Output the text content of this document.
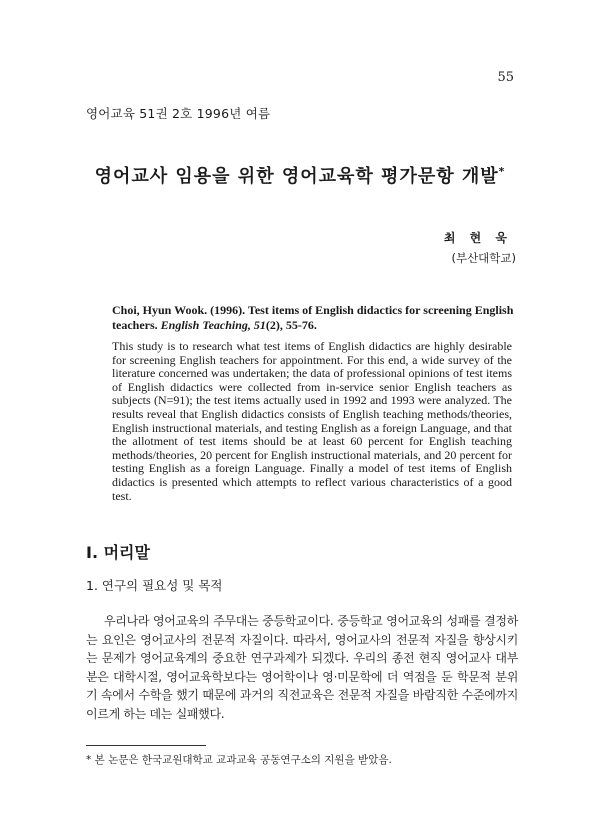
55
영어교육 51권 2호 1996년 여름
영어교사 임용을 위한 영어교육학 평가문항 개발*
최 현 욱
(부산대학교)
Choi, Hyun Wook. (1996). Test items of English didactics for screening English teachers. English Teaching, 51(2), 55-76.
This study is to research what test items of English didactics are highly desirable for screening English teachers for appointment. For this end, a wide survey of the literature concerned was undertaken; the data of professional opinions of test items of English didactics were collected from in-service senior English teachers as subjects (N=91); the test items actually used in 1992 and 1993 were analyzed. The results reveal that English didactics consists of English teaching methods/theories, English instructional materials, and testing English as a foreign Language, and that the allotment of test items should be at least 60 percent for English teaching methods/theories, 20 percent for English instructional materials, and 20 percent for testing English as a foreign Language. Finally a model of test items of English didactics is presented which attempts to reflect various characteristics of a good test.
I. 머리말
1. 연구의 필요성 및 목적
우리나라 영어교육의 주무대는 중등학교이다. 중등학교 영어교육의 성패를 결정하는 요인은 영어교사의 전문적 자질이다. 따라서, 영어교사의 전문적 자질을 향상시키는 문제가 영어교육계의 중요한 연구과제가 되겠다. 우리의 종전 현직 영어교사 대부분은 대학시절, 영어교육학보다는 영어학이나 영·미문학에 더 역점을 둔 학문적 분위기 속에서 수학을 했기 때문에 과거의 직전교육은 전문적 자질을 바람직한 수준에까지 이르게 하는 데는 실패했다.
* 본 논문은 한국교원대학교 교과교육 공동연구소의 지원을 받았음.
